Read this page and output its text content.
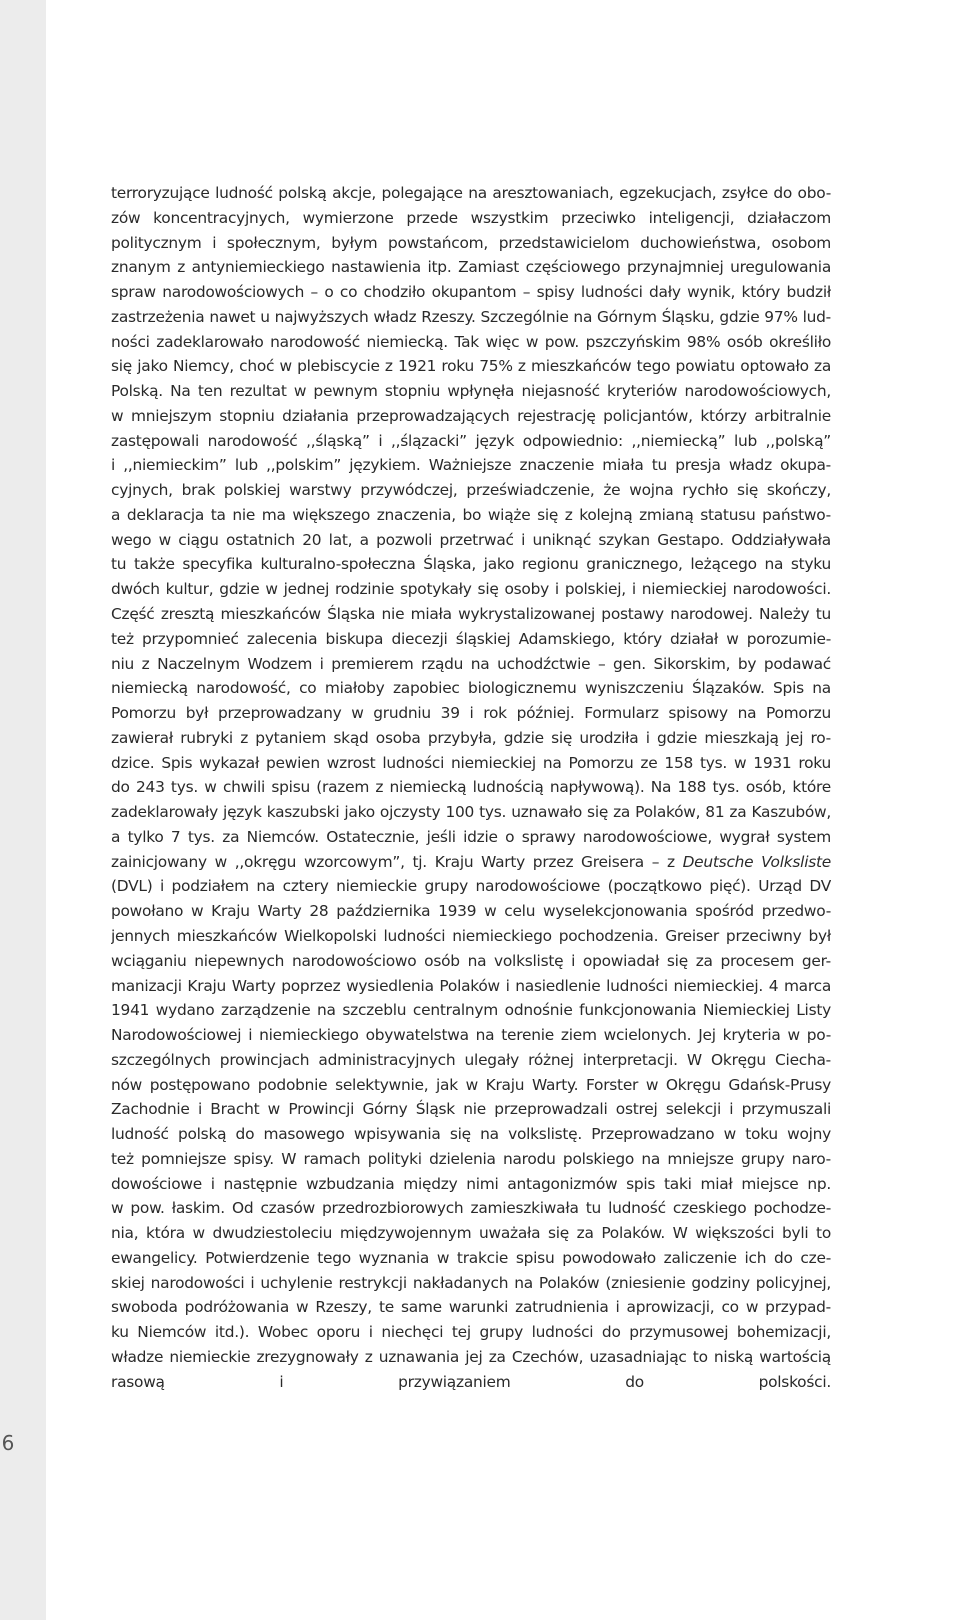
6
terroryzujące ludność polską akcje, polegające na aresztowaniach, egzekucjach, zsyłce do obo-
zów koncentracyjnych, wymierzone przede wszystkim przeciwko inteligencji, działaczom
politycznym i społecznym, byłym powstańcom, przedstawicielom duchowieństwa, osobom
znanym z antyniemieckiego nastawienia itp. Zamiast częściowego przynajmniej uregulowania
spraw narodowościowych – o co chodziło okupantom – spisy ludności dały wynik, który budził
zastrzeżenia nawet u najwyższych władz Rzeszy. Szczególnie na Górnym Śląsku, gdzie 97% lud-
ności zadeklarowało narodowość niemiecką. Tak więc w pow. pszczyńskim 98% osób określiło
się jako Niemcy, choć w plebiscycie z 1921 roku 75% z mieszkańców tego powiatu optowało za
Polską. Na ten rezultat w pewnym stopniu wpłynęła niejasność kryteriów narodowościowych,
w mniejszym stopniu działania przeprowadzających rejestrację policjantów, którzy arbitralnie
zastępowali narodowość ,,śląską” i ,,ślązacki” język odpowiednio: ,,niemiecką” lub ,,polską”
i ,,niemieckim” lub ,,polskim” językiem. Ważniejsze znaczenie miała tu presja władz okupa-
cyjnych, brak polskiej warstwy przywódczej, przeświadczenie, że wojna rychło się skończy,
a deklaracja ta nie ma większego znaczenia, bo wiąże się z kolejną zmianą statusu państwo-
wego w ciągu ostatnich 20 lat, a pozwoli przetrwać i uniknąć szykan Gestapo. Oddziaływała
tu także specyfika kulturalno-społeczna Śląska, jako regionu granicznego, leżącego na styku
dwóch kultur, gdzie w jednej rodzinie spotykały się osoby i polskiej, i niemieckiej narodowości.
Część zresztą mieszkańców Śląska nie miała wykrystalizowanej postawy narodowej. Należy tu
też przypomnieć zalecenia biskupa diecezji śląskiej Adamskiego, który działał w porozumie-
niu z Naczelnym Wodzem i premierem rządu na uchodźctwie – gen. Sikorskim, by podawać
niemiecką narodowość, co miałoby zapobiec biologicznemu wyniszczeniu Ślązaków. Spis na
Pomorzu był przeprowadzany w grudniu 39 i rok później. Formularz spisowy na Pomorzu
zawierał rubryki z pytaniem skąd osoba przybyła, gdzie się urodziła i gdzie mieszkają jej ro-
dzice. Spis wykazał pewien wzrost ludności niemieckiej na Pomorzu ze 158 tys. w 1931 roku
do 243 tys. w chwili spisu (razem z niemiecką ludnością napływową). Na 188 tys. osób, które
zadeklarowały język kaszubski jako ojczysty 100 tys. uznawało się za Polaków, 81 za Kaszubów,
a tylko 7 tys. za Niemców. Ostatecznie, jeśli idzie o sprawy narodowościowe, wygrał system
zainicjowany w ,,okręgu wzorcowym”, tj. Kraju Warty przez Greisera – z Deutsche Volksliste
(DVL) i podziałem na cztery niemieckie grupy narodowościowe (początkowo pięć). Urząd DV
powołano w Kraju Warty 28 października 1939 w celu wyselekcjonowania spośród przedwo-
jennych mieszkańców Wielkopolski ludności niemieckiego pochodzenia. Greiser przeciwny był
wciąganiu niepewnych narodowościowo osób na volkslistę i opowiadał się za procesem ger-
manizacji Kraju Warty poprzez wysiedlenia Polaków i nasiedlenie ludności niemieckiej. 4 marca
1941 wydano zarządzenie na szczeblu centralnym odnośnie funkcjonowania Niemieckiej Listy
Narodowościowej i niemieckiego obywatelstwa na terenie ziem wcielonych. Jej kryteria w po-
szczególnych prowincjach administracyjnych ulegały różnej interpretacji. W Okręgu Ciecha-
nów postępowano podobnie selektywnie, jak w Kraju Warty. Forster w Okręgu Gdańsk-Prusy
Zachodnie i Bracht w Prowincji Górny Śląsk nie przeprowadzali ostrej selekcji i przymuszali
ludność polską do masowego wpisywania się na volkslistę. Przeprowadzano w toku wojny
też pomniejsze spisy. W ramach polityki dzielenia narodu polskiego na mniejsze grupy naro-
dowościowe i następnie wzbudzania między nimi antagonizmów spis taki miał miejsce np.
w pow. łaskim. Od czasów przedrozbiorowych zamieszkiwała tu ludność czeskiego pochodze-
nia, która w dwudziestoleciu międzywojennym uważała się za Polaków. W większości byli to
ewangelicy. Potwierdzenie tego wyznania w trakcie spisu powodowało zaliczenie ich do cze-
skiej narodowości i uchylenie restrykcji nakładanych na Polaków (zniesienie godziny policyjnej,
swoboda podróżowania w Rzeszy, te same warunki zatrudnienia i aprowizacji, co w przypad-
ku Niemców itd.). Wobec oporu i niechęci tej grupy ludności do przymusowej bohemizacji,
władze niemieckie zrezygnowały z uznawania jej za Czechów, uzasadniając to niską wartością
rasową i przywiązaniem do polskości.
